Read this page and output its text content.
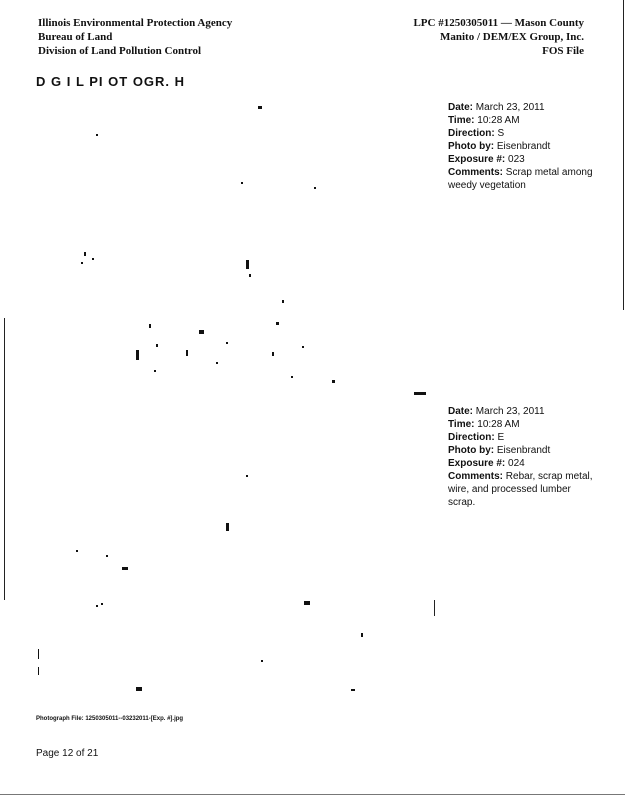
Illinois Environmental Protection Agency
Bureau of Land
Division of Land Pollution Control
LPC #1250305011 — Mason County
Manito / DEM/EX Group, Inc.
FOS File
D G I L PI OT OGR. H
Date: March 23, 2011
Time: 10:28 AM
Direction: S
Photo by: Eisenbrandt
Exposure #: 023
Comments: Scrap metal among weedy vegetation
Date: March 23, 2011
Time: 10:28 AM
Direction: E
Photo by: Eisenbrandt
Exposure #: 024
Comments: Rebar, scrap metal, wire, and processed lumber scrap.
Photograph File: 1250305011--03232011-[Exp. #].jpg
Page 12 of 21
